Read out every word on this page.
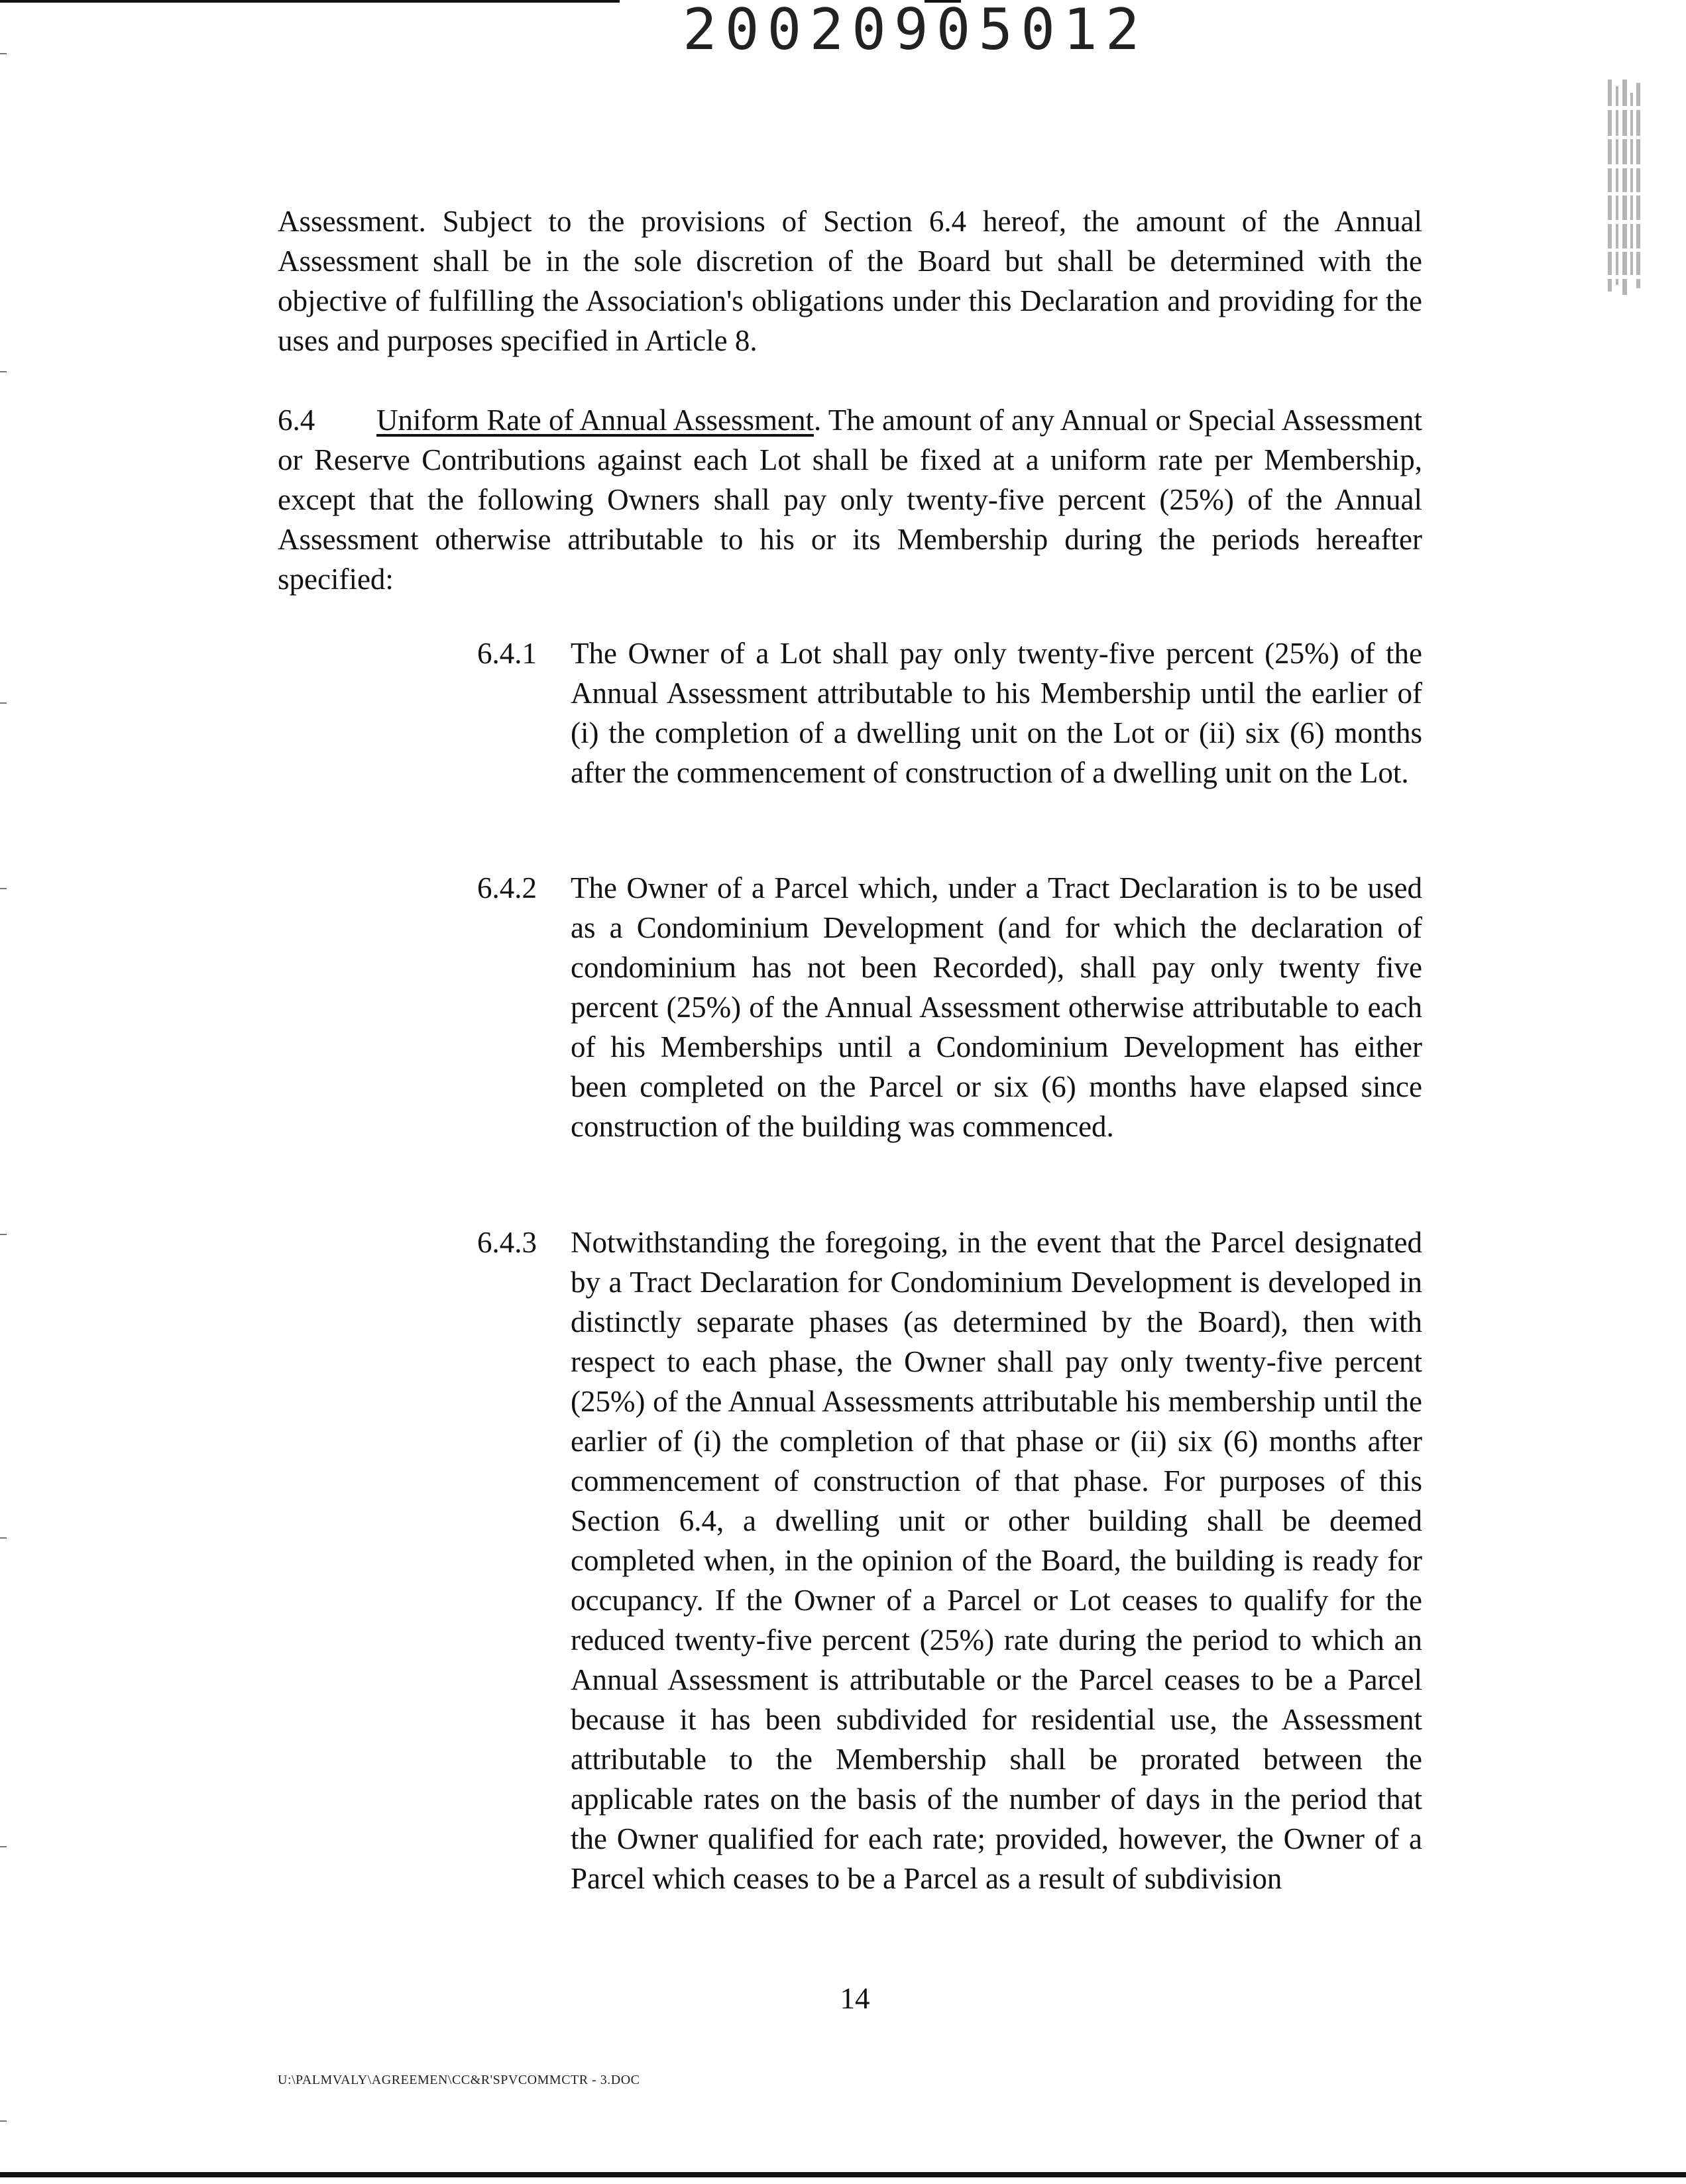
20020905012

Assessment. Subject to the provisions of Section 6.4 hereof, the amount of the Annual Assessment shall be in the sole discretion of the Board but shall be determined with the objective of fulfilling the Association's obligations under this Declaration and providing for the uses and purposes specified in Article 8.

6.4 Uniform Rate of Annual Assessment. The amount of any Annual or Special Assessment or Reserve Contributions against each Lot shall be fixed at a uniform rate per Membership, except that the following Owners shall pay only twenty-five percent (25%) of the Annual Assessment otherwise attributable to his or its Membership during the periods hereafter specified:

6.4.1 The Owner of a Lot shall pay only twenty-five percent (25%) of the Annual Assessment attributable to his Membership until the earlier of (i) the completion of a dwelling unit on the Lot or (ii) six (6) months after the commencement of construction of a dwelling unit on the Lot.

6.4.2 The Owner of a Parcel which, under a Tract Declaration is to be used as a Condominium Development (and for which the declaration of condominium has not been Recorded), shall pay only twenty five percent (25%) of the Annual Assessment otherwise attributable to each of his Memberships until a Condominium Development has either been completed on the Parcel or six (6) months have elapsed since construction of the building was commenced.

6.4.3 Notwithstanding the foregoing, in the event that the Parcel designated by a Tract Declaration for Condominium Development is developed in distinctly separate phases (as determined by the Board), then with respect to each phase, the Owner shall pay only twenty-five percent (25%) of the Annual Assessments attributable his membership until the earlier of (i) the completion of that phase or (ii) six (6) months after commencement of construction of that phase. For purposes of this Section 6.4, a dwelling unit or other building shall be deemed completed when, in the opinion of the Board, the building is ready for occupancy. If the Owner of a Parcel or Lot ceases to qualify for the reduced twenty-five percent (25%) rate during the period to which an Annual Assessment is attributable or the Parcel ceases to be a Parcel because it has been subdivided for residential use, the Assessment attributable to the Membership shall be prorated between the applicable rates on the basis of the number of days in the period that the Owner qualified for each rate; provided, however, the Owner of a Parcel which ceases to be a Parcel as a result of subdivision

14
U:\PALMVALY\AGREEMEN\CC&R'SPVCOMMCTR - 3.DOC
